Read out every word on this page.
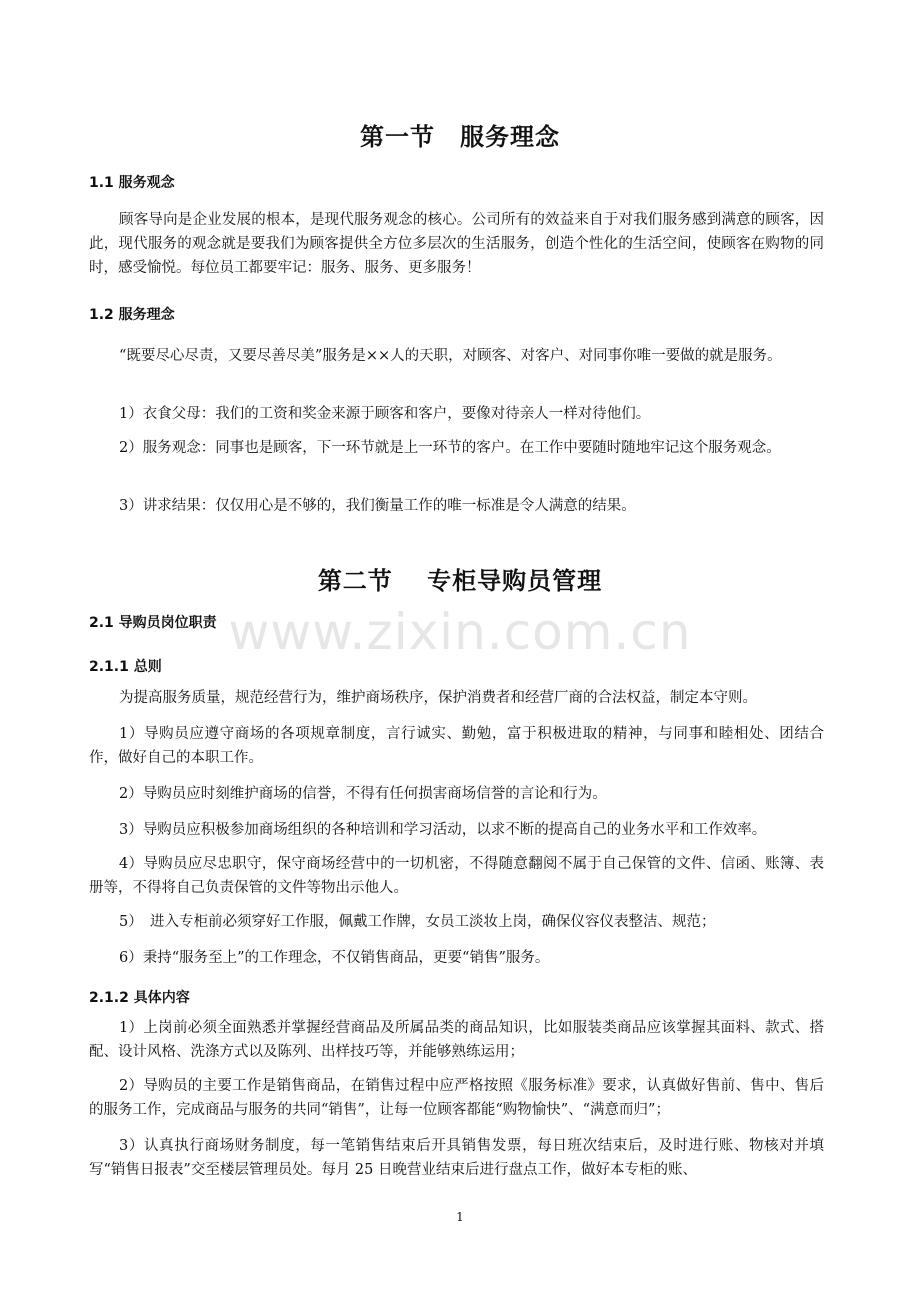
第一节　服务理念
1.1 服务观念
顾客导向是企业发展的根本，是现代服务观念的核心。公司所有的效益来自于对我们服务感到满意的顾客，因此，现代服务的观念就是要我们为顾客提供全方位多层次的生活服务，创造个性化的生活空间，使顾客在购物的同时，感受愉悦。每位员工都要牢记：服务、服务、更多服务！
1.2 服务理念
“既要尽心尽责，又要尽善尽美”服务是××人的天职，对顾客、对客户、对同事你唯一要做的就是服务。
1）衣食父母：我们的工资和奖金来源于顾客和客户，要像对待亲人一样对待他们。
2）服务观念：同事也是顾客，下一环节就是上一环节的客户。在工作中要随时随地牢记这个服务观念。
3）讲求结果：仅仅用心是不够的，我们衡量工作的唯一标准是令人满意的结果。
第二节　 专柜导购员管理
2.1 导购员岗位职责
2.1.1 总则
为提高服务质量，规范经营行为，维护商场秩序，保护消费者和经营厂商的合法权益，制定本守则。
1）导购员应遵守商场的各项规章制度，言行诚实、勤勉，富于积极进取的精神，与同事和睦相处、团结合作，做好自己的本职工作。
2）导购员应时刻维护商场的信誉，不得有任何损害商场信誉的言论和行为。
3）导购员应积极参加商场组织的各种培训和学习活动，以求不断的提高自己的业务水平和工作效率。
4）导购员应尽忠职守，保守商场经营中的一切机密，不得随意翻阅不属于自己保管的文件、信函、账簿、表册等，不得将自己负责保管的文件等物出示他人。
5）　进入专柜前必须穿好工作服，佩戴工作牌，女员工淡妆上岗，确保仪容仪表整洁、规范；
6）秉持“服务至上”的工作理念，不仅销售商品，更要“销售”服务。
2.1.2 具体内容
1）上岗前必须全面熟悉并掌握经营商品及所属品类的商品知识，比如服装类商品应该掌握其面料、款式、搭配、设计风格、洗涤方式以及陈列、出样技巧等，并能够熟练运用；
2）导购员的主要工作是销售商品，在销售过程中应严格按照《服务标准》要求，认真做好售前、售中、售后的服务工作，完成商品与服务的共同“销售”，让每一位顾客都能“购物愉快”、“满意而归”；
3）认真执行商场财务制度，每一笔销售结束后开具销售发票，每日班次结束后，及时进行账、物核对并填写“销售日报表”交至楼层管理员处。每月 25 日晚营业结束后进行盘点工作，做好本专柜的账、
www.zixin.com.cn
1
